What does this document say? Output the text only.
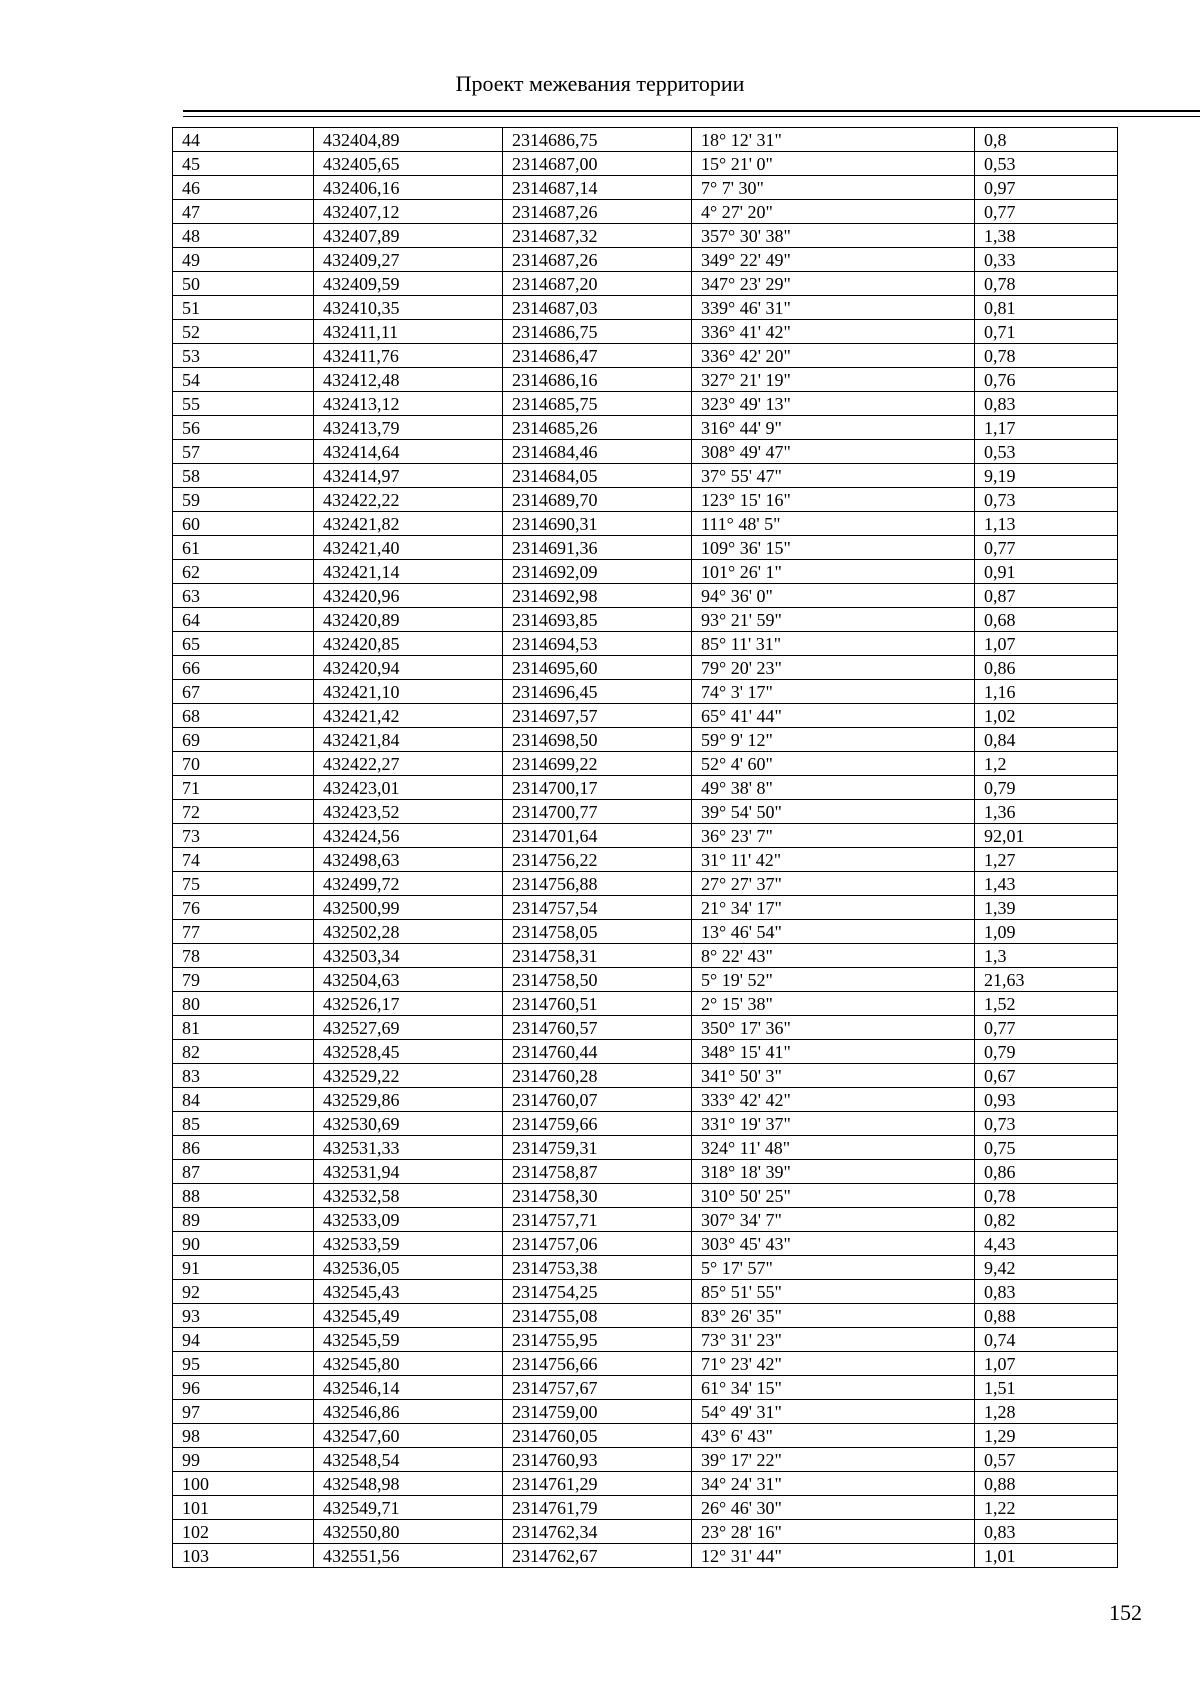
Проект межевания территории
44	432404,89	2314686,75	18° 12' 31"	0,8
45	432405,65	2314687,00	15° 21' 0"	0,53
46	432406,16	2314687,14	7° 7' 30"	0,97
47	432407,12	2314687,26	4° 27' 20"	0,77
48	432407,89	2314687,32	357° 30' 38"	1,38
49	432409,27	2314687,26	349° 22' 49"	0,33
50	432409,59	2314687,20	347° 23' 29"	0,78
51	432410,35	2314687,03	339° 46' 31"	0,81
52	432411,11	2314686,75	336° 41' 42"	0,71
53	432411,76	2314686,47	336° 42' 20"	0,78
54	432412,48	2314686,16	327° 21' 19"	0,76
55	432413,12	2314685,75	323° 49' 13"	0,83
56	432413,79	2314685,26	316° 44' 9"	1,17
57	432414,64	2314684,46	308° 49' 47"	0,53
58	432414,97	2314684,05	37° 55' 47"	9,19
59	432422,22	2314689,70	123° 15' 16"	0,73
60	432421,82	2314690,31	111° 48' 5"	1,13
61	432421,40	2314691,36	109° 36' 15"	0,77
62	432421,14	2314692,09	101° 26' 1"	0,91
63	432420,96	2314692,98	94° 36' 0"	0,87
64	432420,89	2314693,85	93° 21' 59"	0,68
65	432420,85	2314694,53	85° 11' 31"	1,07
66	432420,94	2314695,60	79° 20' 23"	0,86
67	432421,10	2314696,45	74° 3' 17"	1,16
68	432421,42	2314697,57	65° 41' 44"	1,02
69	432421,84	2314698,50	59° 9' 12"	0,84
70	432422,27	2314699,22	52° 4' 60"	1,2
71	432423,01	2314700,17	49° 38' 8"	0,79
72	432423,52	2314700,77	39° 54' 50"	1,36
73	432424,56	2314701,64	36° 23' 7"	92,01
74	432498,63	2314756,22	31° 11' 42"	1,27
75	432499,72	2314756,88	27° 27' 37"	1,43
76	432500,99	2314757,54	21° 34' 17"	1,39
77	432502,28	2314758,05	13° 46' 54"	1,09
78	432503,34	2314758,31	8° 22' 43"	1,3
79	432504,63	2314758,50	5° 19' 52"	21,63
80	432526,17	2314760,51	2° 15' 38"	1,52
81	432527,69	2314760,57	350° 17' 36"	0,77
82	432528,45	2314760,44	348° 15' 41"	0,79
83	432529,22	2314760,28	341° 50' 3"	0,67
84	432529,86	2314760,07	333° 42' 42"	0,93
85	432530,69	2314759,66	331° 19' 37"	0,73
86	432531,33	2314759,31	324° 11' 48"	0,75
87	432531,94	2314758,87	318° 18' 39"	0,86
88	432532,58	2314758,30	310° 50' 25"	0,78
89	432533,09	2314757,71	307° 34' 7"	0,82
90	432533,59	2314757,06	303° 45' 43"	4,43
91	432536,05	2314753,38	5° 17' 57"	9,42
92	432545,43	2314754,25	85° 51' 55"	0,83
93	432545,49	2314755,08	83° 26' 35"	0,88
94	432545,59	2314755,95	73° 31' 23"	0,74
95	432545,80	2314756,66	71° 23' 42"	1,07
96	432546,14	2314757,67	61° 34' 15"	1,51
97	432546,86	2314759,00	54° 49' 31"	1,28
98	432547,60	2314760,05	43° 6' 43"	1,29
99	432548,54	2314760,93	39° 17' 22"	0,57
100	432548,98	2314761,29	34° 24' 31"	0,88
101	432549,71	2314761,79	26° 46' 30"	1,22
102	432550,80	2314762,34	23° 28' 16"	0,83
103	432551,56	2314762,67	12° 31' 44"	1,01
152
